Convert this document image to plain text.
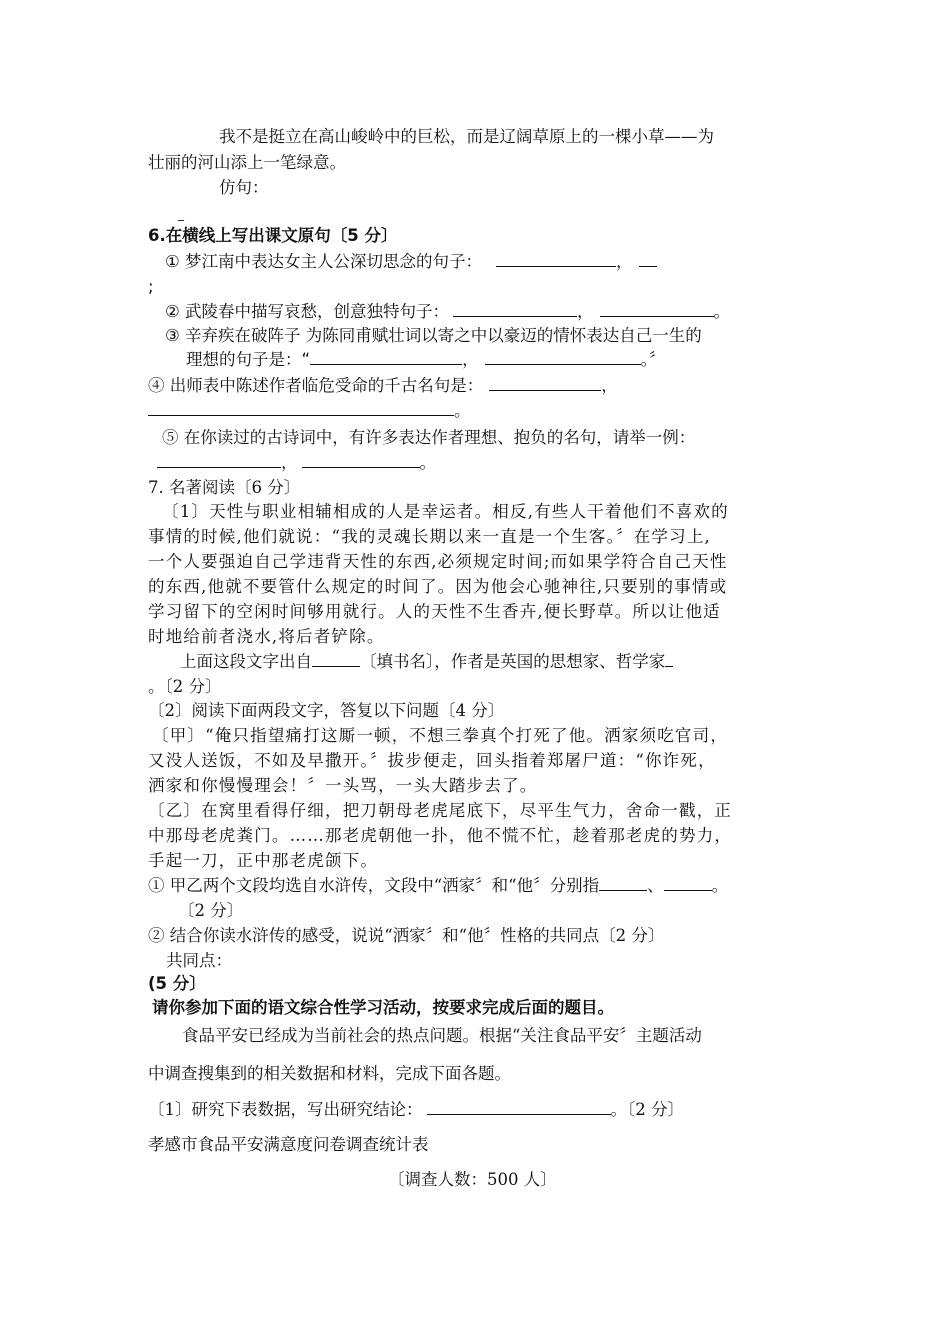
我不是挺立在高山峻岭中的巨松，而是辽阔草原上的一棵小草——为
壮丽的河山添上一笔绿意。
仿句：
_
6.在横线上写出课文原句〔5 分〕
① 梦江南中表达女主人公深切思念的句子：	，
;
② 武陵春中描写哀愁，创意独特句子：	，	。
③ 辛弃疾在破阵子 为陈同甫赋壮词以寄之中以豪迈的情怀表达自己一生的
理想的句子是：“	，	。〞
④ 出师表中陈述作者临危受命的千古名句是：	，
。
⑤ 在你读过的古诗词中，有许多表达作者理想、抱负的名句，请举一例：
，	。
7. 名著阅读〔6 分〕
〔1〕天性与职业相辅相成的人是幸运者。相反,有些人干着他们不喜欢的
事情的时候,他们就说：“我的灵魂长期以来一直是一个生客。〞在学习上,
一个人要强迫自己学违背天性的东西,必须规定时间;而如果学符合自己天性
的东西,他就不要管什么规定的时间了。因为他会心驰神往,只要别的事情或
学习留下的空闲时间够用就行。人的天性不生香卉,便长野草。所以让他适
时地给前者浇水,将后者铲除。
上面这段文字出自	〔填书名〕，作者是英国的思想家、哲学家
。〔2 分〕
〔2〕阅读下面两段文字，答复以下问题〔4 分〕
〔甲〕“俺只指望痛打这厮一顿，不想三拳真个打死了他。洒家须吃官司，
又没人送饭，不如及早撒开。〞拔步便走，回头指着郑屠尸道：“你诈死，
洒家和你慢慢理会！〞一头骂，一头大踏步去了。
〔乙〕在窝里看得仔细，把刀朝母老虎尾底下，尽平生气力，舍命一戳，正
中那母老虎粪门。……那老虎朝他一扑，他不慌不忙，趁着那老虎的势力，
手起一刀，正中那老虎颌下。
① 甲乙两个文段均选自水浒传，文段中“洒家〞和“他〞分别指	、	。
〔2 分〕
② 结合你读水浒传的感受，说说“洒家〞和“他〞性格的共同点〔2 分〕
共同点：
(5 分〕
请你参加下面的语文综合性学习活动，按要求完成后面的题目。
食品平安已经成为当前社会的热点问题。根据“关注食品平安〞主题活动
中调查搜集到的相关数据和材料，完成下面各题。
〔1〕研究下表数据，写出研究结论：	。〔2 分〕
孝感市食品平安满意度问卷调查统计表
〔调查人数：500 人〕
